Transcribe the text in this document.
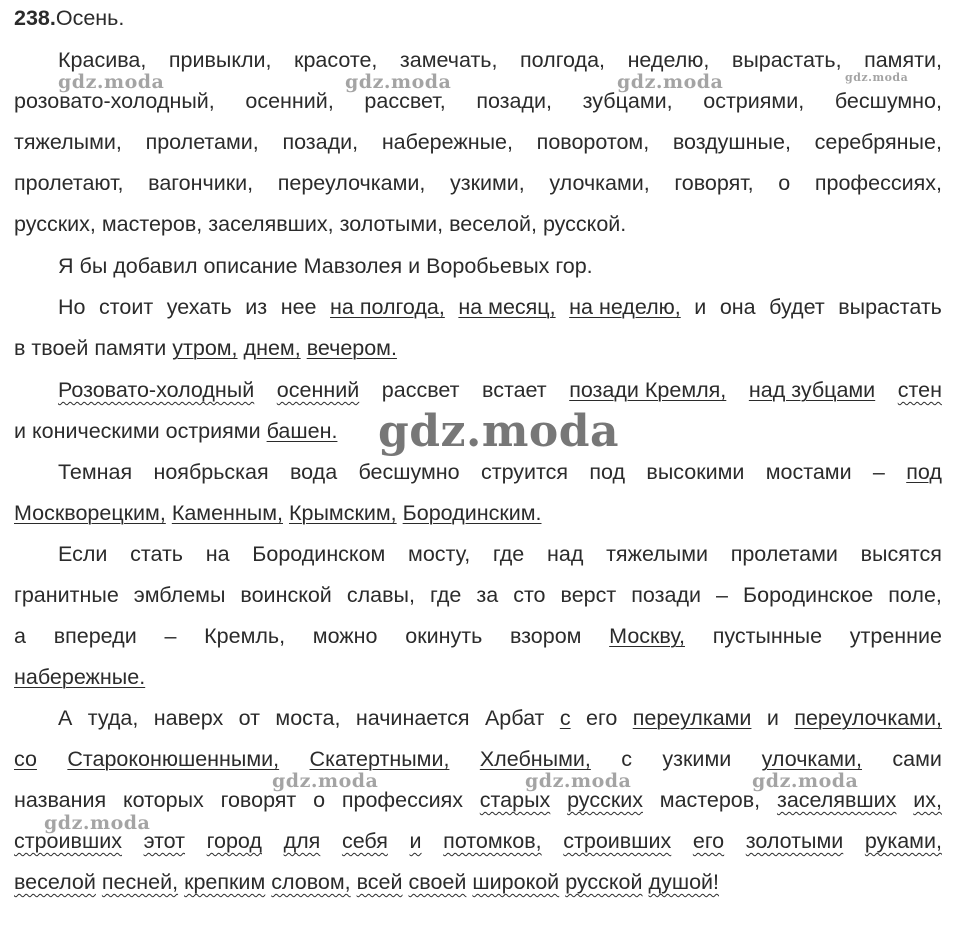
238. Осень.
Красива, привыкли, красоте, замечать, полгода, неделю, вырастать, памяти,
розовато-холодный, осенний, рассвет, позади, зубцами, остриями, бесшумно,
тяжелыми, пролетами, позади, набережные, поворотом, воздушные, серебряные,
пролетают, вагончики, переулочками, узкими, улочками, говорят, о профессиях,
русских, мастеров, заселявших, золотыми, веселой, русской.
Я бы добавил описание Мавзолея и Воробьевых гор.
Но стоит уехать из нее на полгода, на месяц, на неделю, и она будет вырастать
в твоей памяти утром, днем, вечером.
Розовато-холодный осенний рассвет встает позади Кремля, над зубцами стен
и коническими остриями башен.
Темная ноябрьская вода бесшумно струится под высокими мостами – под
Москворецким, Каменным, Крымским, Бородинским.
Если стать на Бородинском мосту, где над тяжелыми пролетами высятся
гранитные эмблемы воинской славы, где за сто верст позади – Бородинское поле,
а впереди – Кремль, можно окинуть взором Москву, пустынные утренние
набережные.
А туда, наверх от моста, начинается Арбат с его переулками и переулочками,
со Староконюшенными, Скатертными, Хлебными, с узкими улочками, сами
названия которых говорят о профессиях старых русских мастеров, заселявших их,
строивших этот город для себя и потомков, строивших его золотыми руками,
веселой песней, крепким словом, всей своей широкой русской душой!
gdz.moda	gdz.moda	gdz.moda	gdz.moda
gdz.moda
gdz.moda	gdz.moda	gdz.moda
gdz.moda
